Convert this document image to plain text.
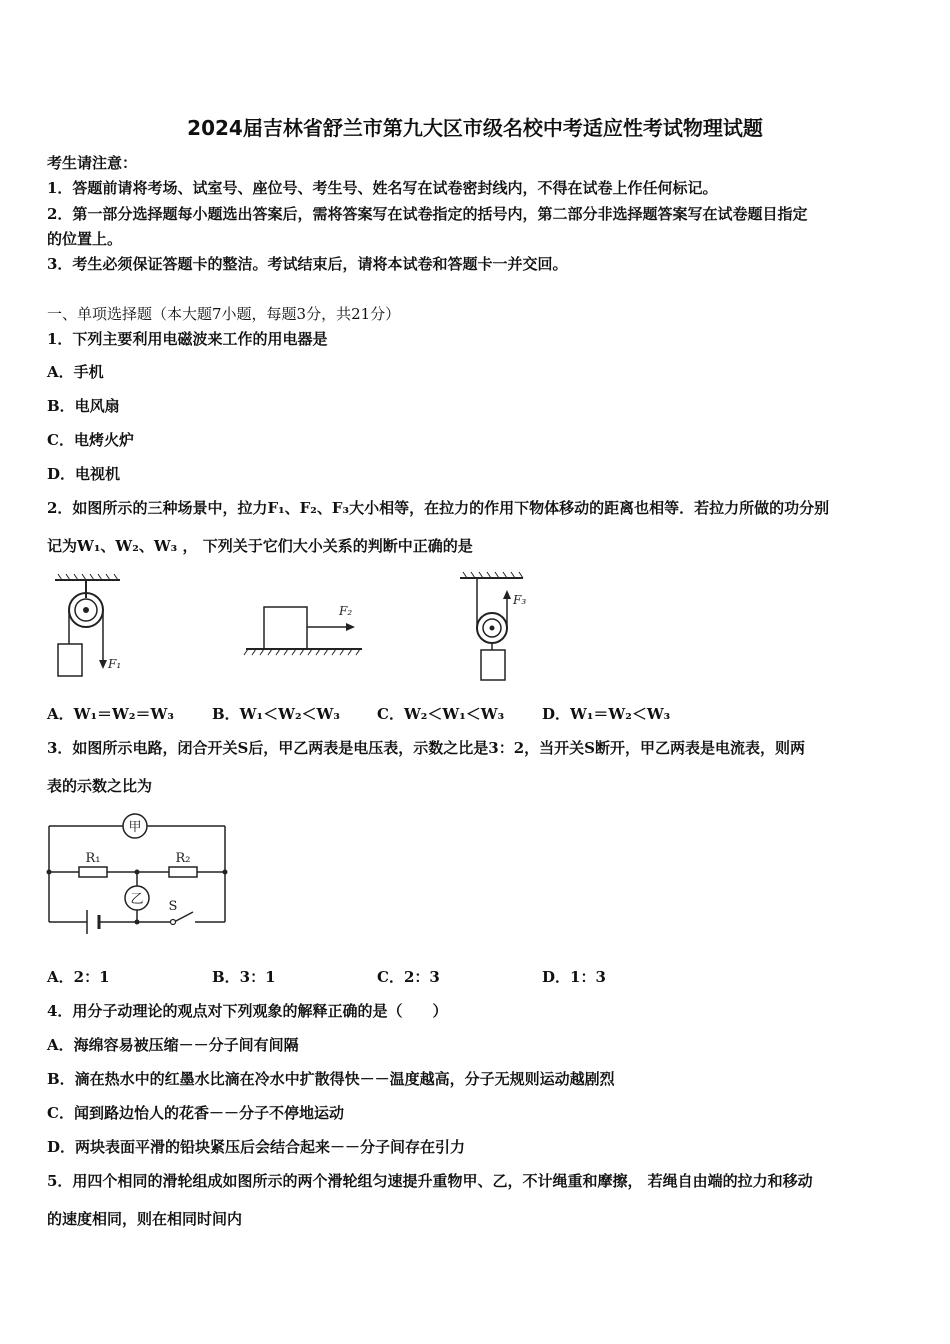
2024届吉林省舒兰市第九大区市级名校中考适应性考试物理试题
考生请注意：
1．答题前请将考场、试室号、座位号、考生号、姓名写在试卷密封线内，不得在试卷上作任何标记。
2．第一部分选择题每小题选出答案后，需将答案写在试卷指定的括号内，第二部分非选择题答案写在试卷题目指定
的位置上。
3．考生必须保证答题卡的整洁。考试结束后，请将本试卷和答题卡一并交回。
一、单项选择题（本大题7小题，每题3分，共21分）
1．下列主要利用电磁波来工作的用电器是
A．手机
B．电风扇
C．电烤火炉
D．电视机
2．如图所示的三种场景中，拉力F₁、F₂、F₃大小相等，在拉力的作用下物体移动的距离也相等．若拉力所做的功分别
记为W₁、W₂、W₃ ， 下列关于它们大小关系的判断中正确的是
F₁
F₂
F₃
A．W₁＝W₂＝W₃	B．W₁＜W₂＜W₃ C．W₂＜W₁＜W₃	D．W₁＝W₂＜W₃
3．如图所示电路，闭合开关S后，甲乙两表是电压表，示数之比是3：2，当开关S断开，甲乙两表是电流表，则两
表的示数之比为
甲
乙
R₁	R₂
S
A．2：1	B．3：1	C．2：3	D．1：3
4．用分子动理论的观点对下列观象的解释正确的是（　　）
A．海绵容易被压缩－－分子间有间隔
B．滴在热水中的红墨水比滴在冷水中扩散得快－－温度越高，分子无规则运动越剧烈
C．闻到路边怡人的花香－－分子不停地运动
D．两块表面平滑的铅块紧压后会结合起来－－分子间存在引力
5．用四个相同的滑轮组成如图所示的两个滑轮组匀速提升重物甲、乙，不计绳重和摩擦， 若绳自由端的拉力和移动
的速度相同，则在相同时间内
